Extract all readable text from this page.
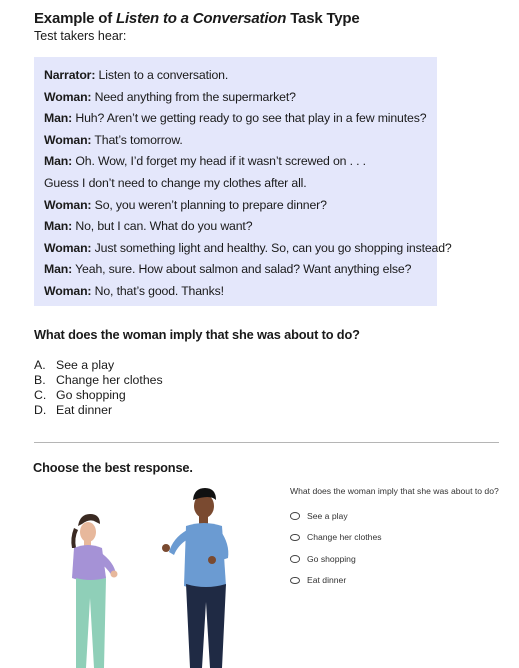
Example of Listen to a Conversation Task Type
Test takers hear:
Narrator: Listen to a conversation.
Woman: Need anything from the supermarket?
Man: Huh? Aren’t we getting ready to go see that play in a few minutes?
Woman: That’s tomorrow.
Man: Oh. Wow, I’d forget my head if it wasn’t screwed on . . .
Guess I don’t need to change my clothes after all.
Woman: So, you weren’t planning to prepare dinner?
Man: No, but I can. What do you want?
Woman: Just something light and healthy. So, can you go shopping instead?
Man: Yeah, sure. How about salmon and salad? Want anything else?
Woman: No, that’s good. Thanks!
What does the woman imply that she was about to do?
A. See a play
B. Change her clothes
C. Go shopping
D. Eat dinner
Choose the best response.
What does the woman imply that she was about to do?
See a play
Change her clothes
Go shopping
Eat dinner
